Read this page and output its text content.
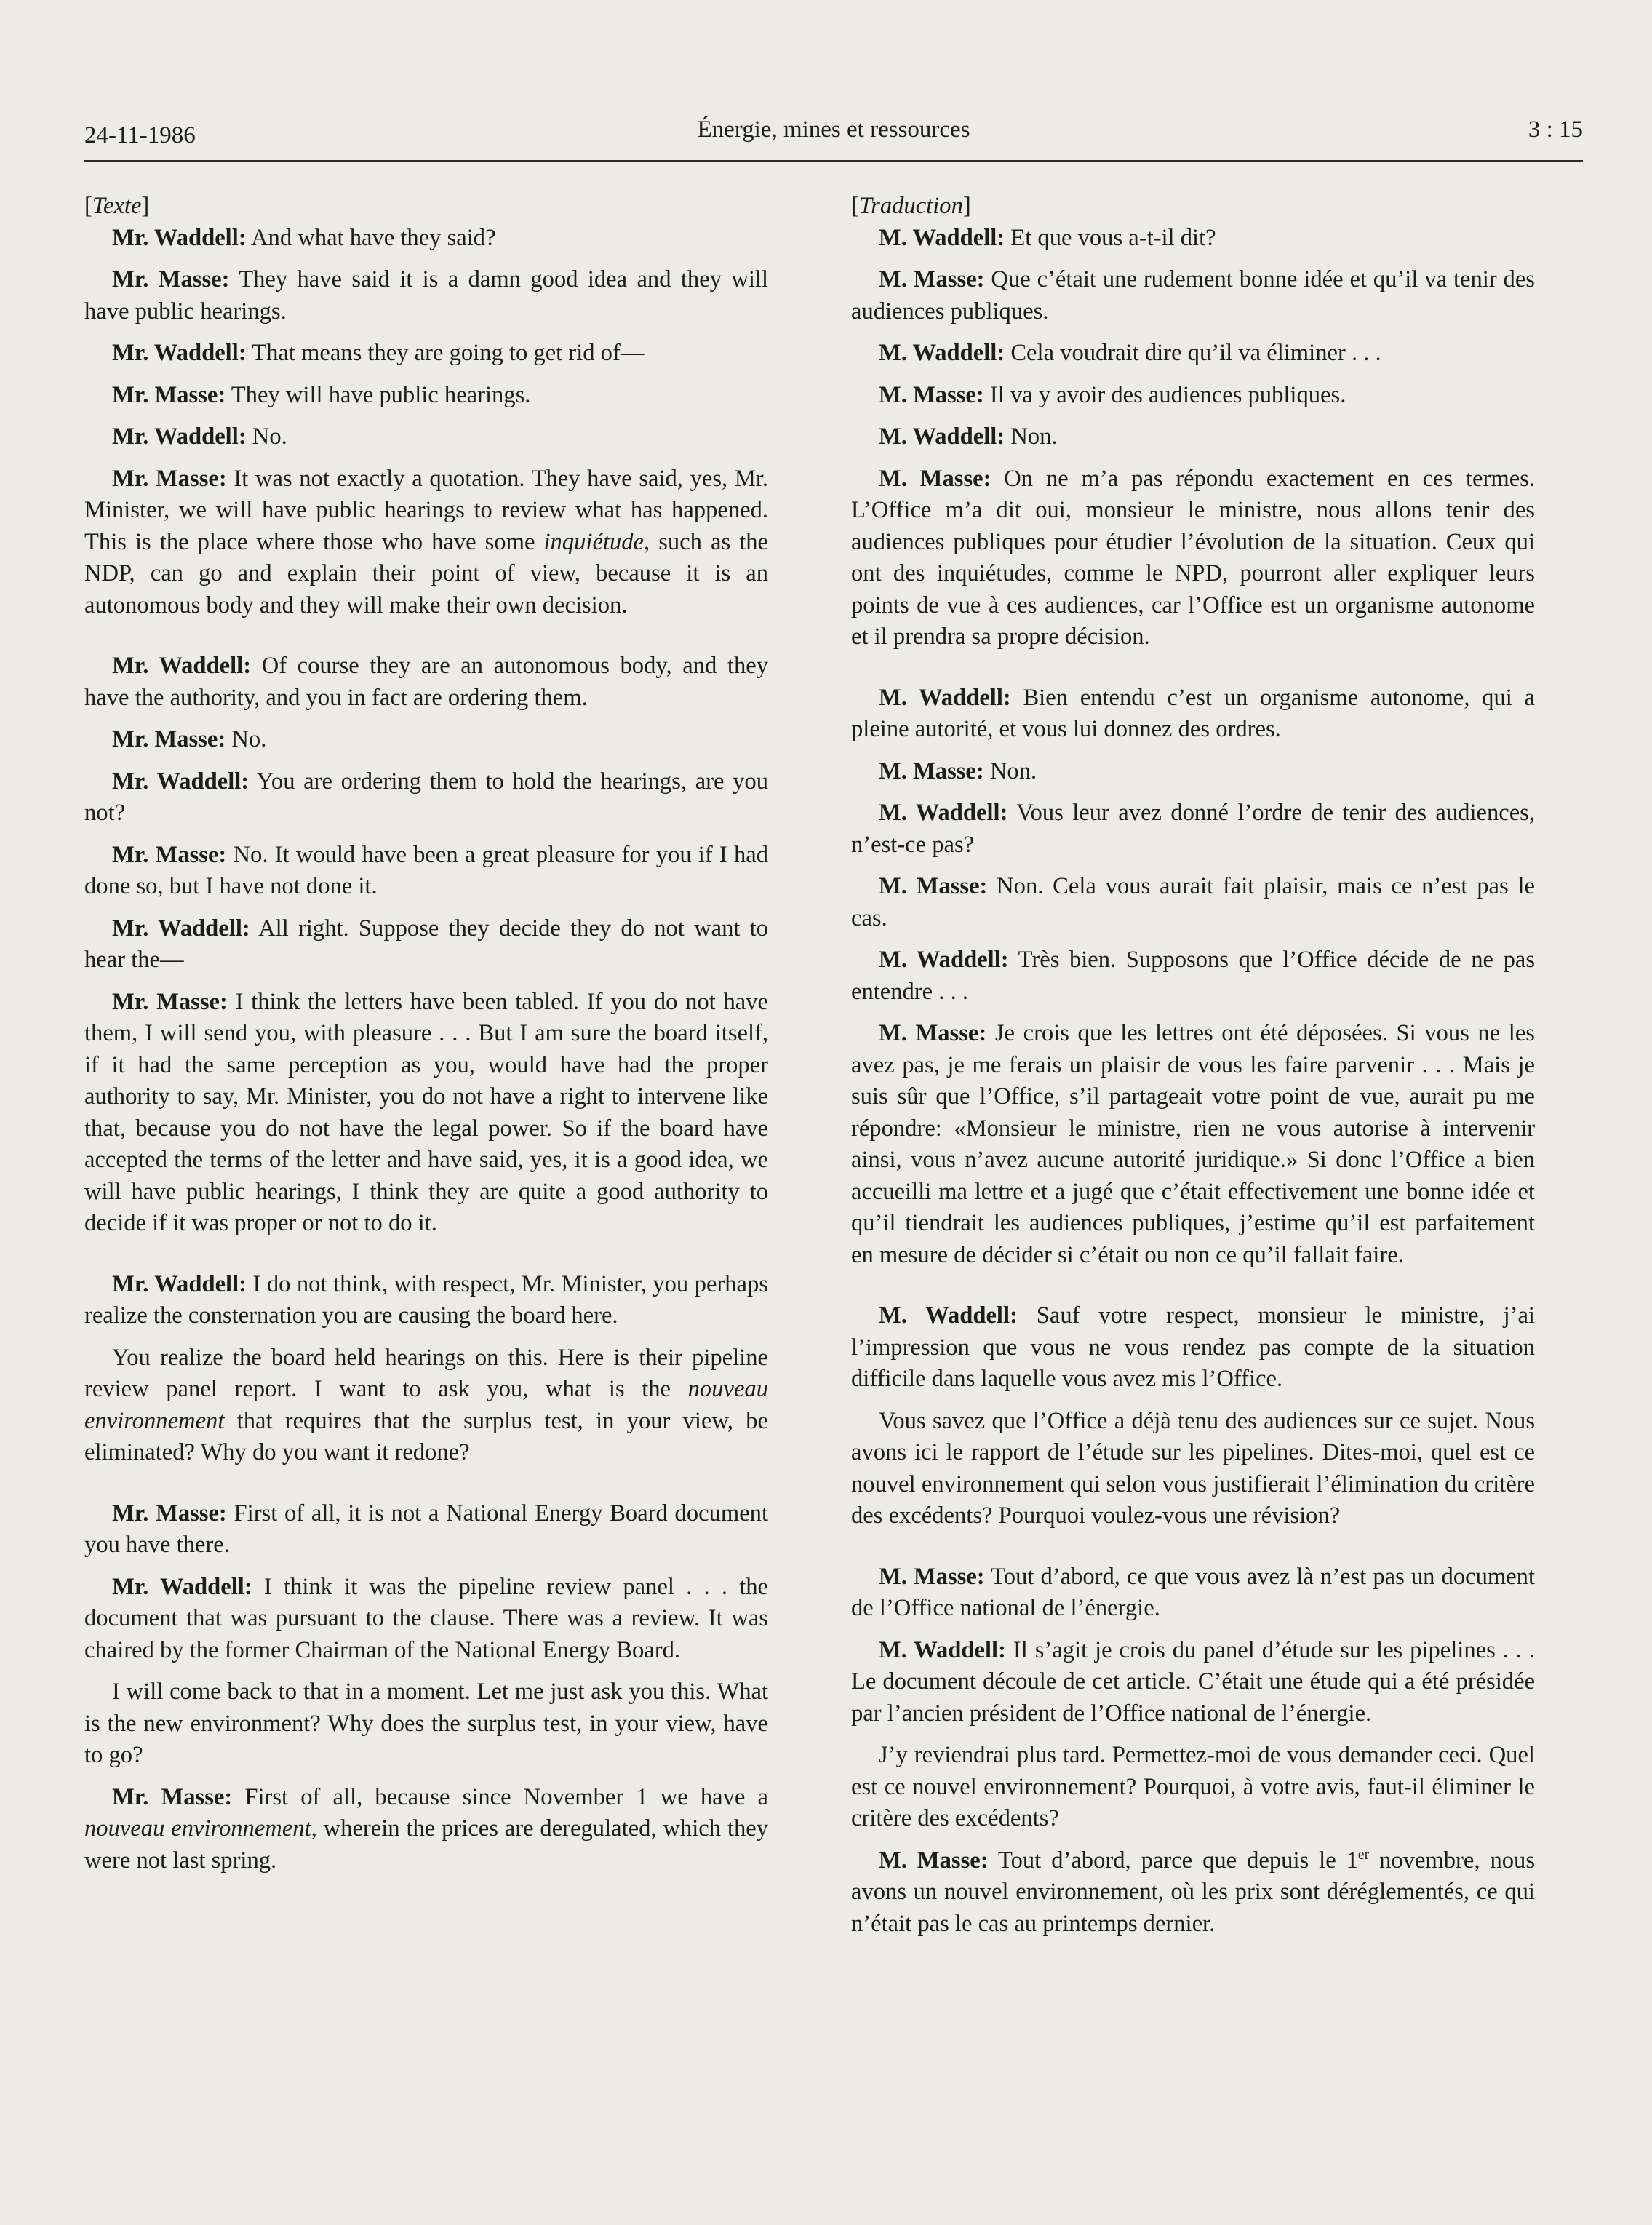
24-11-1986	Énergie, mines et ressources	3 : 15
[Texte]

Mr. Waddell: And what have they said?

Mr. Masse: They have said it is a damn good idea and they will have public hearings.

Mr. Waddell: That means they are going to get rid of—

Mr. Masse: They will have public hearings.

Mr. Waddell: No.

Mr. Masse: It was not exactly a quotation. They have said, yes, Mr. Minister, we will have public hearings to review what has happened. This is the place where those who have some inquiétude, such as the NDP, can go and explain their point of view, because it is an autonomous body and they will make their own decision.

Mr. Waddell: Of course they are an autonomous body, and they have the authority, and you in fact are ordering them.

Mr. Masse: No.

Mr. Waddell: You are ordering them to hold the hearings, are you not?

Mr. Masse: No. It would have been a great pleasure for you if I had done so, but I have not done it.

Mr. Waddell: All right. Suppose they decide they do not want to hear the—

Mr. Masse: I think the letters have been tabled. If you do not have them, I will send you, with pleasure . . . But I am sure the board itself, if it had the same perception as you, would have had the proper authority to say, Mr. Minister, you do not have a right to intervene like that, because you do not have the legal power. So if the board have accepted the terms of the letter and have said, yes, it is a good idea, we will have public hearings, I think they are quite a good authority to decide if it was proper or not to do it.

Mr. Waddell: I do not think, with respect, Mr. Minister, you perhaps realize the consternation you are causing the board here.

You realize the board held hearings on this. Here is their pipeline review panel report. I want to ask you, what is the nouveau environnement that requires that the surplus test, in your view, be eliminated? Why do you want it redone?

Mr. Masse: First of all, it is not a National Energy Board document you have there.

Mr. Waddell: I think it was the pipeline review panel . . . the document that was pursuant to the clause. There was a review. It was chaired by the former Chairman of the National Energy Board.

I will come back to that in a moment. Let me just ask you this. What is the new environment? Why does the surplus test, in your view, have to go?

Mr. Masse: First of all, because since November 1 we have a nouveau environnement, wherein the prices are deregulated, which they were not last spring.

[Traduction]

M. Waddell: Et que vous a-t-il dit?

M. Masse: Que c’était une rudement bonne idée et qu’il va tenir des audiences publiques.

M. Waddell: Cela voudrait dire qu’il va éliminer . . .

M. Masse: Il va y avoir des audiences publiques.

M. Waddell: Non.

M. Masse: On ne m’a pas répondu exactement en ces termes. L’Office m’a dit oui, monsieur le ministre, nous allons tenir des audiences publiques pour étudier l’évolution de la situation. Ceux qui ont des inquiétudes, comme le NPD, pourront aller expliquer leurs points de vue à ces audiences, car l’Office est un organisme autonome et il prendra sa propre décision.

M. Waddell: Bien entendu c’est un organisme autonome, qui a pleine autorité, et vous lui donnez des ordres.

M. Masse: Non.

M. Waddell: Vous leur avez donné l’ordre de tenir des audiences, n’est-ce pas?

M. Masse: Non. Cela vous aurait fait plaisir, mais ce n’est pas le cas.

M. Waddell: Très bien. Supposons que l’Office décide de ne pas entendre . . .

M. Masse: Je crois que les lettres ont été déposées. Si vous ne les avez pas, je me ferais un plaisir de vous les faire parvenir . . . Mais je suis sûr que l’Office, s’il partageait votre point de vue, aurait pu me répondre: «Monsieur le ministre, rien ne vous autorise à intervenir ainsi, vous n’avez aucune autorité juridique.» Si donc l’Office a bien accueilli ma lettre et a jugé que c’était effectivement une bonne idée et qu’il tiendrait les audiences publiques, j’estime qu’il est parfaitement en mesure de décider si c’était ou non ce qu’il fallait faire.

M. Waddell: Sauf votre respect, monsieur le ministre, j’ai l’impression que vous ne vous rendez pas compte de la situation difficile dans laquelle vous avez mis l’Office.

Vous savez que l’Office a déjà tenu des audiences sur ce sujet. Nous avons ici le rapport de l’étude sur les pipelines. Dites-moi, quel est ce nouvel environnement qui selon vous justifierait l’élimination du critère des excédents? Pourquoi voulez-vous une révision?

M. Masse: Tout d’abord, ce que vous avez là n’est pas un document de l’Office national de l’énergie.

M. Waddell: Il s’agit je crois du panel d’étude sur les pipelines . . . Le document découle de cet article. C’était une étude qui a été présidée par l’ancien président de l’Office national de l’énergie.

J’y reviendrai plus tard. Permettez-moi de vous demander ceci. Quel est ce nouvel environnement? Pourquoi, à votre avis, faut-il éliminer le critère des excédents?

M. Masse: Tout d’abord, parce que depuis le 1er novembre, nous avons un nouvel environnement, où les prix sont déréglementés, ce qui n’était pas le cas au printemps dernier.
